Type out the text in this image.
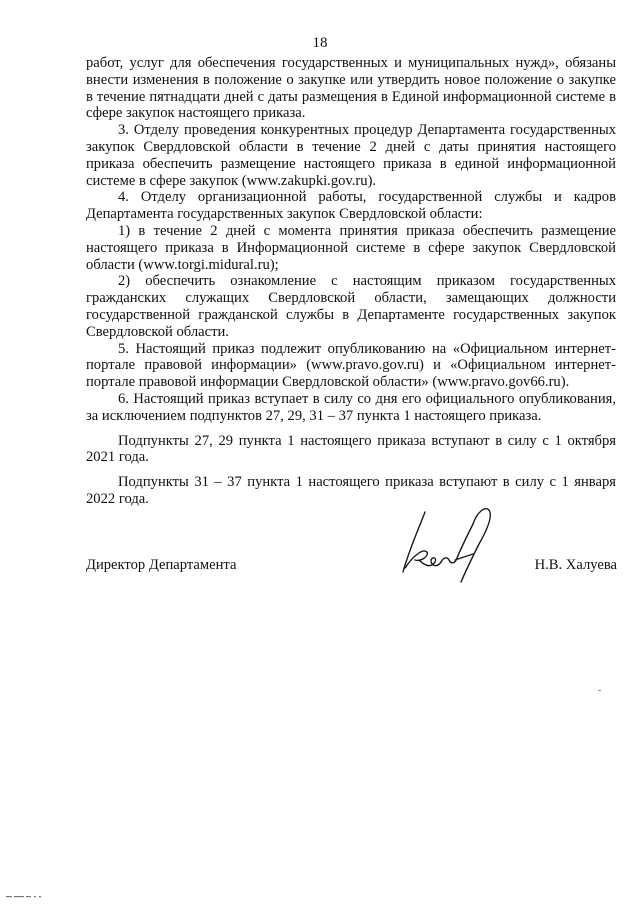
18

работ, услуг для обеспечения государственных и муниципальных нужд», обязаны внести изменения в положение о закупке или утвердить новое положение о закупке в течение пятнадцати дней с даты размещения в Единой информационной системе в сфере закупок настоящего приказа.

3. Отделу проведения конкурентных процедур Департамента государственных закупок Свердловской области в течение 2 дней с даты принятия настоящего приказа обеспечить размещение настоящего приказа в единой информационной системе в сфере закупок (www.zakupki.gov.ru).

4. Отделу организационной работы, государственной службы и кадров Департамента государственных закупок Свердловской области:

1) в течение 2 дней с момента принятия приказа обеспечить размещение настоящего приказа в Информационной системе в сфере закупок Свердловской области (www.torgi.midural.ru);

2) обеспечить ознакомление с настоящим приказом государственных гражданских служащих Свердловской области, замещающих должности государственной гражданской службы в Департаменте государственных закупок Свердловской области.

5. Настоящий приказ подлежит опубликованию на «Официальном интернет-портале правовой информации» (www.pravo.gov.ru) и «Официальном интернет-портале правовой информации Свердловской области» (www.pravo.gov66.ru).

6. Настоящий приказ вступает в силу со дня его официального опубликования, за исключением подпунктов 27, 29, 31 – 37 пункта 1 настоящего приказа.

Подпункты 27, 29 пункта 1 настоящего приказа вступают в силу с 1 октября 2021 года.

Подпункты 31 – 37 пункта 1 настоящего приказа вступают в силу с 1 января 2022 года.

Директор Департамента	Н.В. Халуева
